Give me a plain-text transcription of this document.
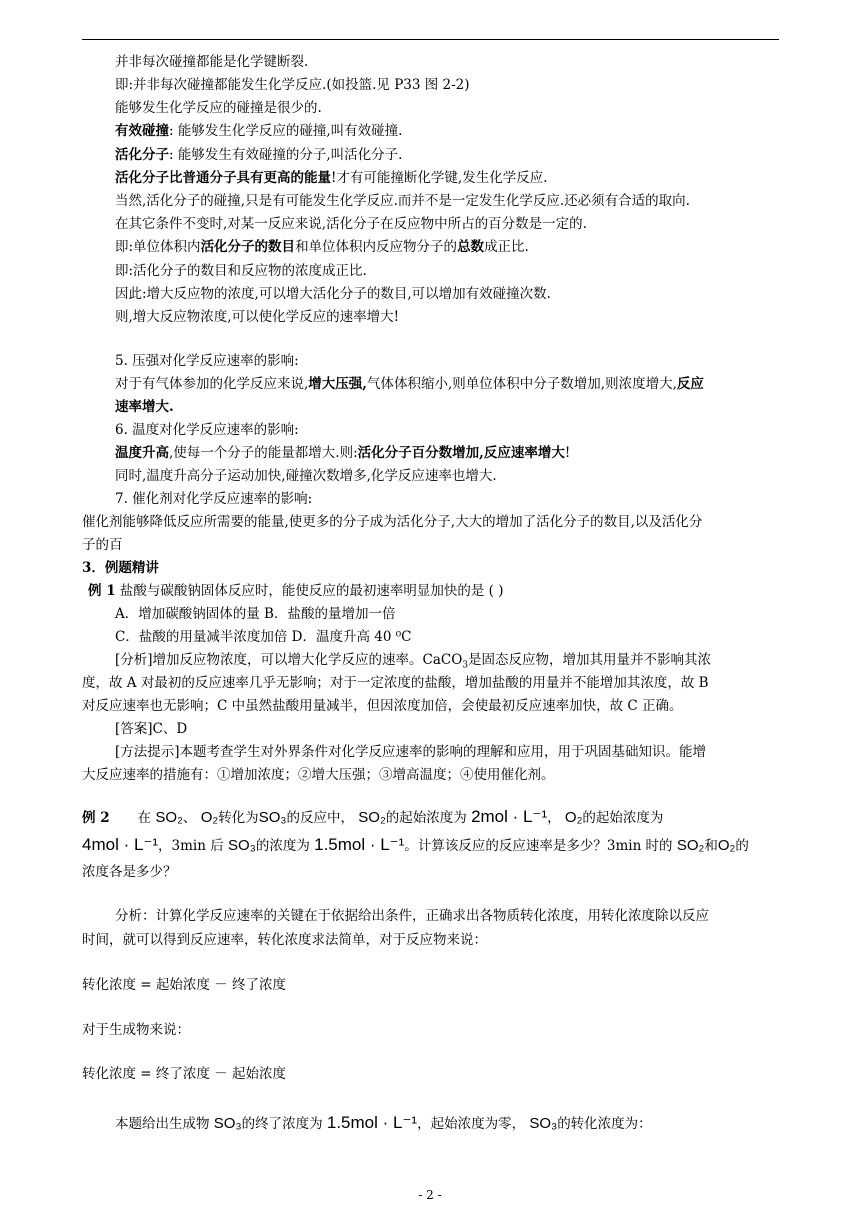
并非每次碰撞都能是化学键断裂.
即:并非每次碰撞都能发生化学反应.(如投篮.见 P33 图 2-2)
能够发生化学反应的碰撞是很少的.
有效碰撞: 能够发生化学反应的碰撞,叫有效碰撞.
活化分子: 能够发生有效碰撞的分子,叫活化分子.
活化分子比普通分子具有更高的能量!才有可能撞断化学键,发生化学反应.
当然,活化分子的碰撞,只是有可能发生化学反应.而并不是一定发生化学反应.还必须有合适的取向.
在其它条件不变时,对某一反应来说,活化分子在反应物中所占的百分数是一定的.
即:单位体积内活化分子的数目和单位体积内反应物分子的总数成正比.
即:活化分子的数目和反应物的浓度成正比.
因此:增大反应物的浓度,可以增大活化分子的数目,可以增加有效碰撞次数.
则,增大反应物浓度,可以使化学反应的速率增大!
5. 压强对化学反应速率的影响:
对于有气体参加的化学反应来说,增大压强,气体体积缩小,则单位体积中分子数增加,则浓度增大,反应
速率增大.
6. 温度对化学反应速率的影响:
温度升高,使每一个分子的能量都增大.则:活化分子百分数增加,反应速率增大!
同时,温度升高分子运动加快,碰撞次数增多,化学反应速率也增大.
7. 催化剂对化学反应速率的影响:
催化剂能够降低反应所需要的能量,使更多的分子成为活化分子,大大的增加了活化分子的数目,以及活化分
子的百
3．例题精讲
例 1 盐酸与碳酸钠固体反应时，能使反应的最初速率明显加快的是 ( )
A．增加碳酸钠固体的量 B．盐酸的量增加一倍
C．盐酸的用量减半浓度加倍 D．温度升高 40 ⁰C
[分析]增加反应物浓度，可以增大化学反应的速率。CaCO$_3$是固态反应物，增加其用量并不影响其浓
度，故 A 对最初的反应速率几乎无影响；对于一定浓度的盐酸，增加盐酸的用量并不能增加其浓度，故 B
对反应速率也无影响；C 中虽然盐酸用量减半，但因浓度加倍，会使最初反应速率加快，故 C 正确。
[答案]C、D
[方法提示]本题考查学生对外界条件对化学反应速率的影响的理解和应用，用于巩固基础知识。能增
大反应速率的措施有：①增加浓度；②增大压强；③增高温度；④使用催化剂。
例 2 在 SO₂、 O₂转化为SO₃的反应中， SO₂的起始浓度为 2mol · L⁻¹， O₂的起始浓度为
4mol · L⁻¹，3min 后 SO₃的浓度为 1.5mol · L⁻¹。计算该反应的反应速率是多少？3min 时的 SO₂和O₂的
浓度各是多少？
分析：计算化学反应速率的关键在于依据给出条件，正确求出各物质转化浓度，用转化浓度除以反应
时间，就可以得到反应速率，转化浓度求法简单，对于反应物来说：
转化浓度 = 起始浓度 － 终了浓度
对于生成物来说：
转化浓度 = 终了浓度 － 起始浓度
本题给出生成物 SO₃的终了浓度为 1.5mol · L⁻¹，起始浓度为零， SO₃的转化浓度为：
- 2 -
